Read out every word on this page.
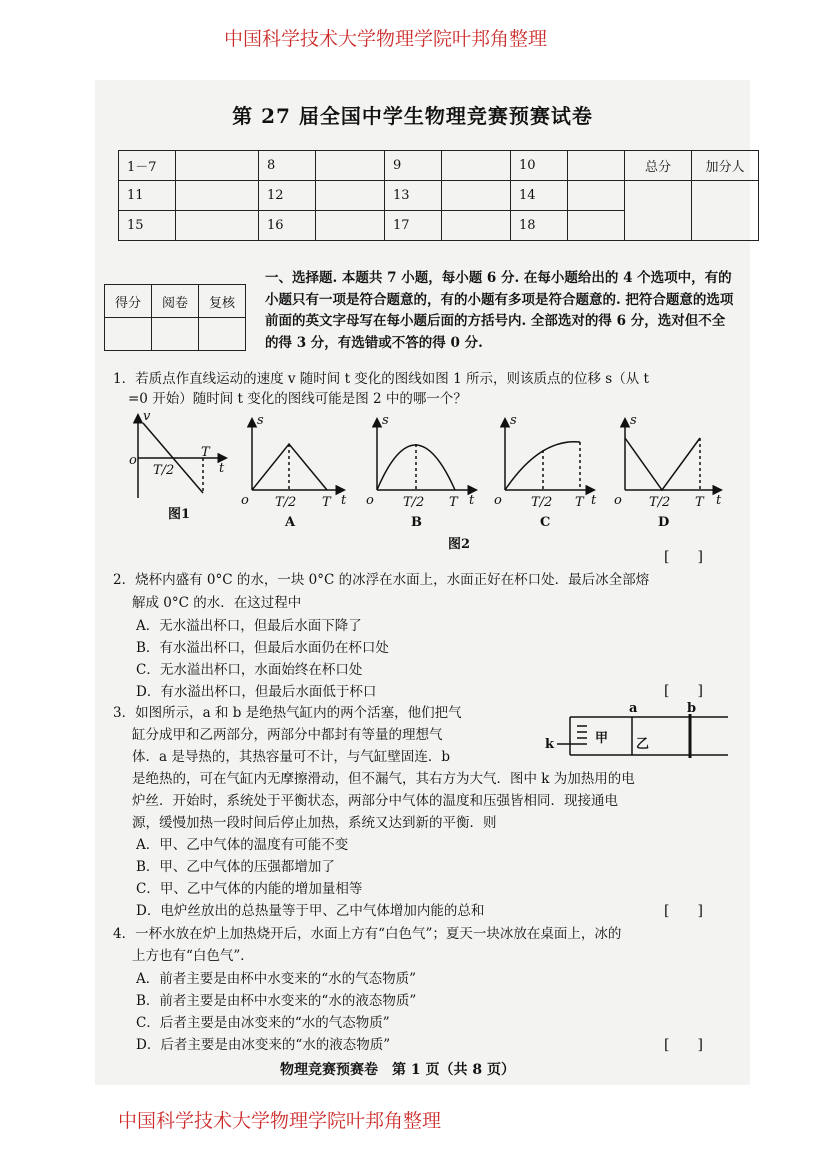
中国科学技术大学物理学院叶邦角整理
中国科学技术大学物理学院叶邦角整理
第 27 届全国中学生物理竞赛预赛试卷
1－7		8		9		10		总分	加分人
11		12		13		14			
15		16		17		18			
得分	阅卷	复核

一、选择题. 本题共 7 小题，每小题 6 分. 在每小题给出的 4 个选项中，有的小题只有一项是符合题意的，有的小题有多项是符合题意的. 把符合题意的选项前面的英文字母写在每小题后面的方括号内. 全部选对的得 6 分，选对但不全的得 3 分，有选错或不答的得 0 分.
1．若质点作直线运动的速度 v 随时间 t 变化的图线如图 1 所示，则该质点的位移 s（从 t
=0 开始）随时间 t 变化的图线可能是图 2 中的哪一个？
v
o
T/2
T
t
s
o T/2 T t
s
o T/2 T t
s
o T/2 T t
s
o T/2 T t
图1
A	B	C	D
图2
[　　]
2．烧杯内盛有 0°C 的水，一块 0°C 的冰浮在水面上，水面正好在杯口处．最后冰全部熔
解成 0°C 的水．在这过程中
A．无水溢出杯口，但最后水面下降了
B．有水溢出杯口，但最后水面仍在杯口处
C．无水溢出杯口，水面始终在杯口处
D．有水溢出杯口，但最后水面低于杯口	[　　]
3．如图所示，a 和 b 是绝热气缸内的两个活塞，他们把气
缸分成甲和乙两部分，两部分中都封有等量的理想气
体．a 是导热的，其热容量可不计，与气缸壁固连．b
是绝热的，可在气缸内无摩擦滑动，但不漏气，其右方为大气．图中 k 为加热用的电
炉丝．开始时，系统处于平衡状态，两部分中气体的温度和压强皆相同．现接通电
源，缓慢加热一段时间后停止加热，系统又达到新的平衡．则
a	b
k	甲 乙
A．甲、乙中气体的温度有可能不变
B．甲、乙中气体的压强都增加了
C．甲、乙中气体的内能的增加量相等
D．电炉丝放出的总热量等于甲、乙中气体增加内能的总和	[　　]
4．一杯水放在炉上加热烧开后，水面上方有“白色气”；夏天一块冰放在桌面上，冰的
上方也有“白色气”．
A．前者主要是由杯中水变来的“水的气态物质”
B．前者主要是由杯中水变来的“水的液态物质”
C．后者主要是由冰变来的“水的气态物质”
D．后者主要是由冰变来的“水的液态物质”	[　　]
物理竞赛预赛卷　第 1 页（共 8 页）
